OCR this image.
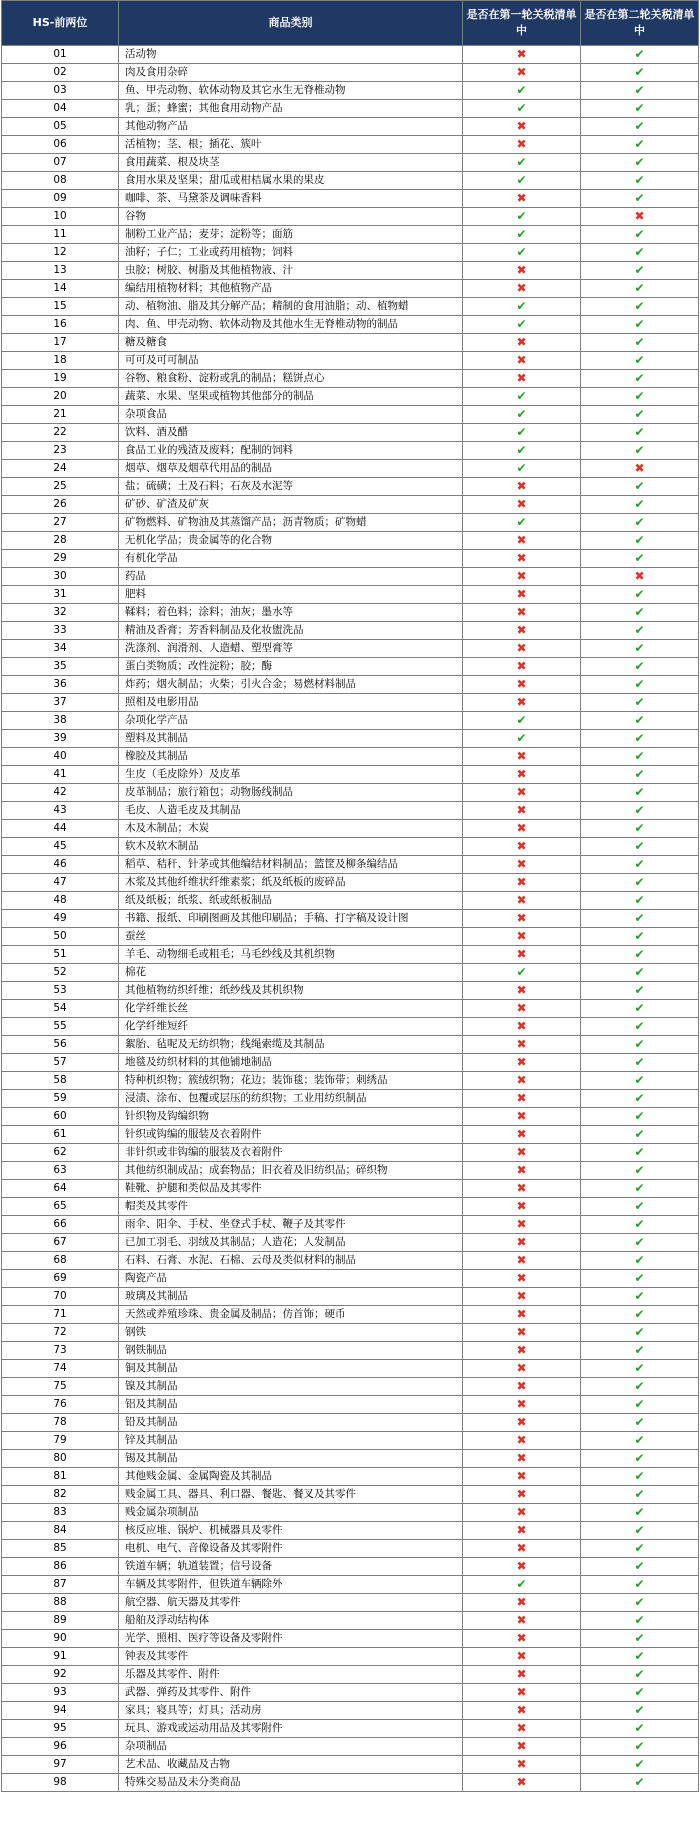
HS-前两位	商品类别	是否在第一轮关税清单中	是否在第二轮关税清单中
01	活动物	✖	✔
02	肉及食用杂碎	✖	✔
03	鱼、甲壳动物、软体动物及其它水生无脊椎动物	✔	✔
04	乳；蛋；蜂蜜；其他食用动物产品	✔	✔
05	其他动物产品	✖	✔
06	活植物；茎、根；插花、簇叶	✖	✔
07	食用蔬菜、根及块茎	✔	✔
08	食用水果及坚果；甜瓜或柑桔属水果的果皮	✔	✔
09	咖啡、茶、马黛茶及调味香料	✖	✔
10	谷物	✔	✖
11	制粉工业产品；麦芽；淀粉等；面筋	✔	✔
12	油籽；子仁；工业或药用植物；饲料	✔	✔
13	虫胶；树胶、树脂及其他植物液、汁	✖	✔
14	编结用植物材料；其他植物产品	✖	✔
15	动、植物油、脂及其分解产品；精制的食用油脂；动、植物蜡	✔	✔
16	肉、鱼、甲壳动物、软体动物及其他水生无脊椎动物的制品	✔	✔
17	糖及糖食	✖	✔
18	可可及可可制品	✖	✔
19	谷物、粮食粉、淀粉或乳的制品；糕饼点心	✖	✔
20	蔬菜、水果、坚果或植物其他部分的制品	✔	✔
21	杂项食品	✔	✔
22	饮料、酒及醋	✔	✔
23	食品工业的残渣及废料；配制的饲料	✔	✔
24	烟草、烟草及烟草代用品的制品	✔	✖
25	盐；硫磺；土及石料；石灰及水泥等	✖	✔
26	矿砂、矿渣及矿灰	✖	✔
27	矿物燃料、矿物油及其蒸馏产品；沥青物质；矿物蜡	✔	✔
28	无机化学品；贵金属等的化合物	✖	✔
29	有机化学品	✖	✔
30	药品	✖	✖
31	肥料	✖	✔
32	鞣料；着色料；涂料；油灰；墨水等	✖	✔
33	精油及香膏；芳香料制品及化妆盥洗品	✖	✔
34	洗涤剂、润滑剂、人造蜡、塑型膏等	✖	✔
35	蛋白类物质；改性淀粉；胶；酶	✖	✔
36	炸药；烟火制品；火柴；引火合金；易燃材料制品	✖	✔
37	照相及电影用品	✖	✔
38	杂项化学产品	✔	✔
39	塑料及其制品	✔	✔
40	橡胶及其制品	✖	✔
41	生皮（毛皮除外）及皮革	✖	✔
42	皮革制品；旅行箱包；动物肠线制品	✖	✔
43	毛皮、人造毛皮及其制品	✖	✔
44	木及木制品；木炭	✖	✔
45	软木及软木制品	✖	✔
46	稻草、秸秆、针茅或其他编结材料制品；篮筐及柳条编结品	✖	✔
47	木浆及其他纤维状纤维素浆；纸及纸板的废碎品	✖	✔
48	纸及纸板；纸浆、纸或纸板制品	✖	✔
49	书籍、报纸、印刷图画及其他印刷品；手稿、打字稿及设计图	✖	✔
50	蚕丝	✖	✔
51	羊毛、动物细毛或粗毛；马毛纱线及其机织物	✖	✔
52	棉花	✔	✔
53	其他植物纺织纤维；纸纱线及其机织物	✖	✔
54	化学纤维长丝	✖	✔
55	化学纤维短纤	✖	✔
56	絮胎、毡呢及无纺织物；线绳索缆及其制品	✖	✔
57	地毯及纺织材料的其他铺地制品	✖	✔
58	特种机织物；簇绒织物；花边；装饰毯；装饰带；刺绣品	✖	✔
59	浸渍、涂布、包覆或层压的纺织物；工业用纺织制品	✖	✔
60	针织物及钩编织物	✖	✔
61	针织或钩编的服装及衣着附件	✖	✔
62	非针织或非钩编的服装及衣着附件	✖	✔
63	其他纺织制成品；成套物品；旧衣着及旧纺织品；碎织物	✖	✔
64	鞋靴、护腿和类似品及其零件	✖	✔
65	帽类及其零件	✖	✔
66	雨伞、阳伞、手杖、坐登式手杖、鞭子及其零件	✖	✔
67	已加工羽毛、羽绒及其制品；人造花；人发制品	✖	✔
68	石料、石膏、水泥、石棉、云母及类似材料的制品	✖	✔
69	陶瓷产品	✖	✔
70	玻璃及其制品	✖	✔
71	天然或养殖珍珠、贵金属及制品；仿首饰；硬币	✖	✔
72	钢铁	✖	✔
73	钢铁制品	✖	✔
74	铜及其制品	✖	✔
75	镍及其制品	✖	✔
76	铝及其制品	✖	✔
78	铅及其制品	✖	✔
79	锌及其制品	✖	✔
80	锡及其制品	✖	✔
81	其他贱金属、金属陶瓷及其制品	✖	✔
82	贱金属工具、器具、利口器、餐匙、餐叉及其零件	✖	✔
83	贱金属杂项制品	✖	✔
84	核反应堆、锅炉、机械器具及零件	✖	✔
85	电机、电气、音像设备及其零附件	✖	✔
86	铁道车辆；轨道装置；信号设备	✖	✔
87	车辆及其零附件，但铁道车辆除外	✔	✔
88	航空器、航天器及其零件	✖	✔
89	船舶及浮动结构体	✖	✔
90	光学、照相、医疗等设备及零附件	✖	✔
91	钟表及其零件	✖	✔
92	乐器及其零件、附件	✖	✔
93	武器、弹药及其零件、附件	✖	✔
94	家具；寝具等；灯具；活动房	✖	✔
95	玩具、游戏或运动用品及其零附件	✖	✔
96	杂项制品	✖	✔
97	艺术品、收藏品及古物	✖	✔
98	特殊交易品及未分类商品	✖	✔
